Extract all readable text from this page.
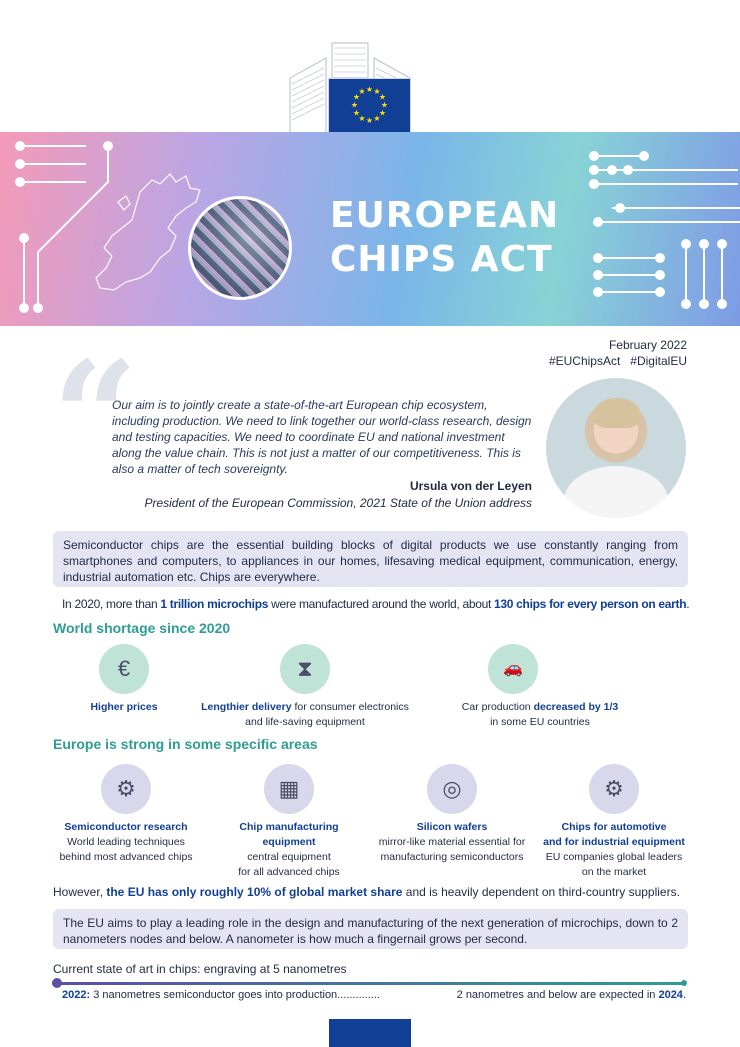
★ ★
★
★
★
★
★
★
★
★
★
★
EUROPEAN
CHIPS ACT
February 2022
#EUChipsAct   #DigitalEU
“
Our aim is to jointly create a state-of-the-art European chip ecosystem, including production. We need to link together our world-class research, design and testing capacities. We need to coordinate EU and national investment along the value chain. This is not just a matter of our competitiveness. This is also a matter of tech sovereignty.
Ursula von der Leyen
President of the European Commission, 2021 State of the Union address
Semiconductor chips are the essential building blocks of digital products we use constantly ranging from smartphones and computers, to appliances in our homes, lifesaving medical equipment, communication, energy, industrial automation etc. Chips are everywhere.
In 2020, more than 1 trillion microchips were manufactured around the world, about 130 chips for every person on earth.
World shortage since 2020
€
Higher prices
⧗
Lengthier delivery for consumer electronics
and life-saving equipment
🚗
Car production decreased by 1/3
in some EU countries
Europe is strong in some specific areas
⚙
Semiconductor research
World leading techniques
behind most advanced chips
▦
Chip manufacturing equipment
central equipment
for all advanced chips
◎
Silicon wafers
mirror-like material essential for
manufacturing semiconductors
⚙
Chips for automotive
and for industrial equipment
EU companies global leaders
on the market
However, the EU has only roughly 10% of global market share and is heavily dependent on third-country suppliers.
The EU aims to play a leading role in the design and manufacturing of the next generation of microchips, down to 2 nanometers nodes and below. A nanometer is how much a fingernail grows per second.
Current state of art in chips: engraving at 5 nanometres
2022: 3 nanometres semiconductor goes into production..............	2 nanometres and below are expected in 2024.
